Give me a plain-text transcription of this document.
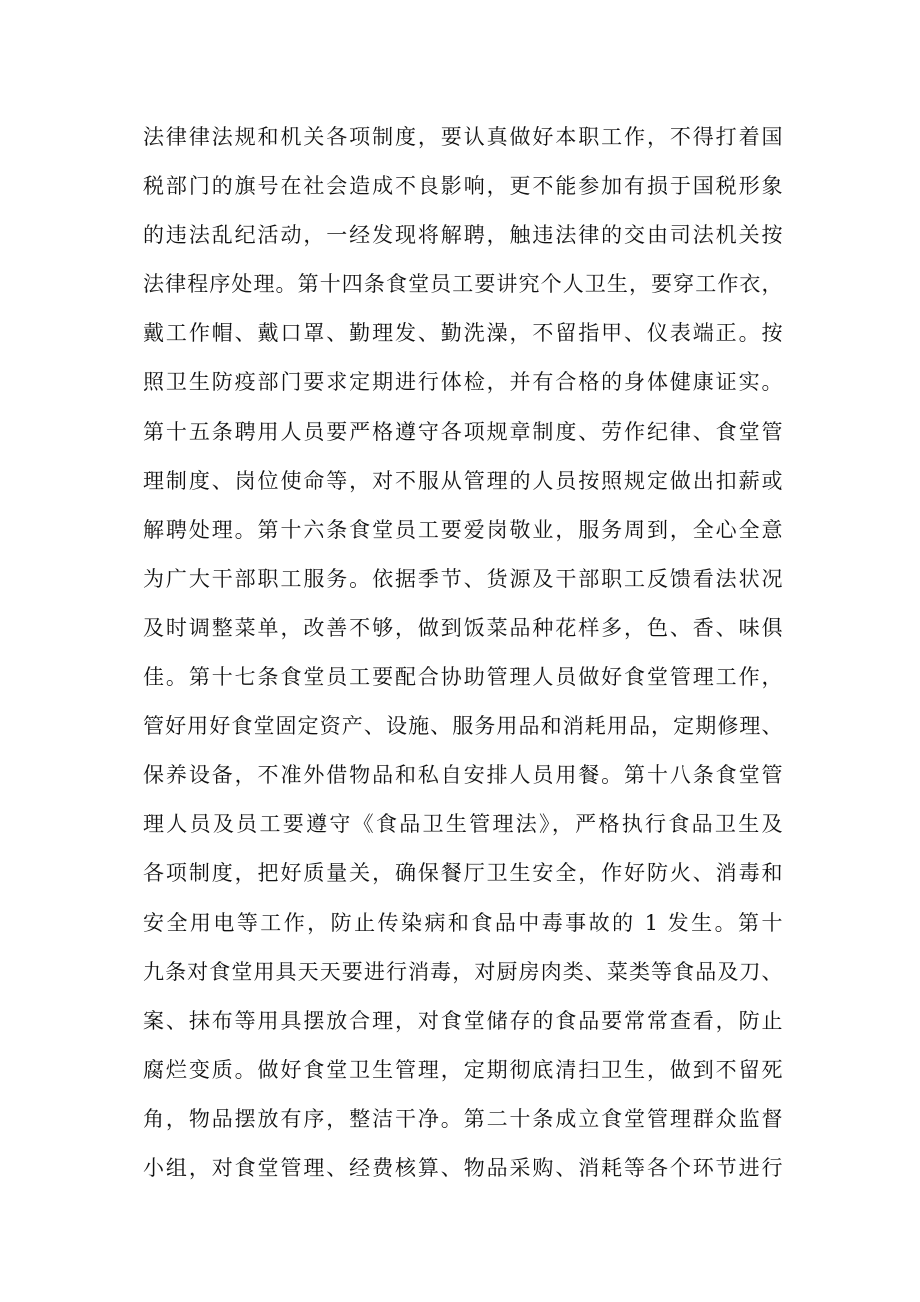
法律律法规和机关各项制度，要认真做好本职工作，不得打着国
税部门的旗号在社会造成不良影响，更不能参加有损于国税形象
的违法乱纪活动，一经发现将解聘，触违法律的交由司法机关按
法律程序处理。第十四条食堂员工要讲究个人卫生，要穿工作衣，
戴工作帽、戴口罩、勤理发、勤洗澡，不留指甲、仪表端正。按
照卫生防疫部门要求定期进行体检，并有合格的身体健康证实。
第十五条聘用人员要严格遵守各项规章制度、劳作纪律、食堂管
理制度、岗位使命等，对不服从管理的人员按照规定做出扣薪或
解聘处理。第十六条食堂员工要爱岗敬业，服务周到，全心全意
为广大干部职工服务。依据季节、货源及干部职工反馈看法状况
及时调整菜单，改善不够，做到饭菜品种花样多，色、香、味俱
佳。第十七条食堂员工要配合协助管理人员做好食堂管理工作，
管好用好食堂固定资产、设施、服务用品和消耗用品，定期修理、
保养设备，不准外借物品和私自安排人员用餐。第十八条食堂管
理人员及员工要遵守《食品卫生管理法》，严格执行食品卫生及
各项制度，把好质量关，确保餐厅卫生安全，作好防火、消毒和
安全用电等工作，防止传染病和食品中毒事故的 1 发生。第十
九条对食堂用具天天要进行消毒，对厨房肉类、菜类等食品及刀、
案、抹布等用具摆放合理，对食堂储存的食品要常常查看，防止
腐烂变质。做好食堂卫生管理，定期彻底清扫卫生，做到不留死
角，物品摆放有序，整洁干净。第二十条成立食堂管理群众监督
小组，对食堂管理、经费核算、物品采购、消耗等各个环节进行
